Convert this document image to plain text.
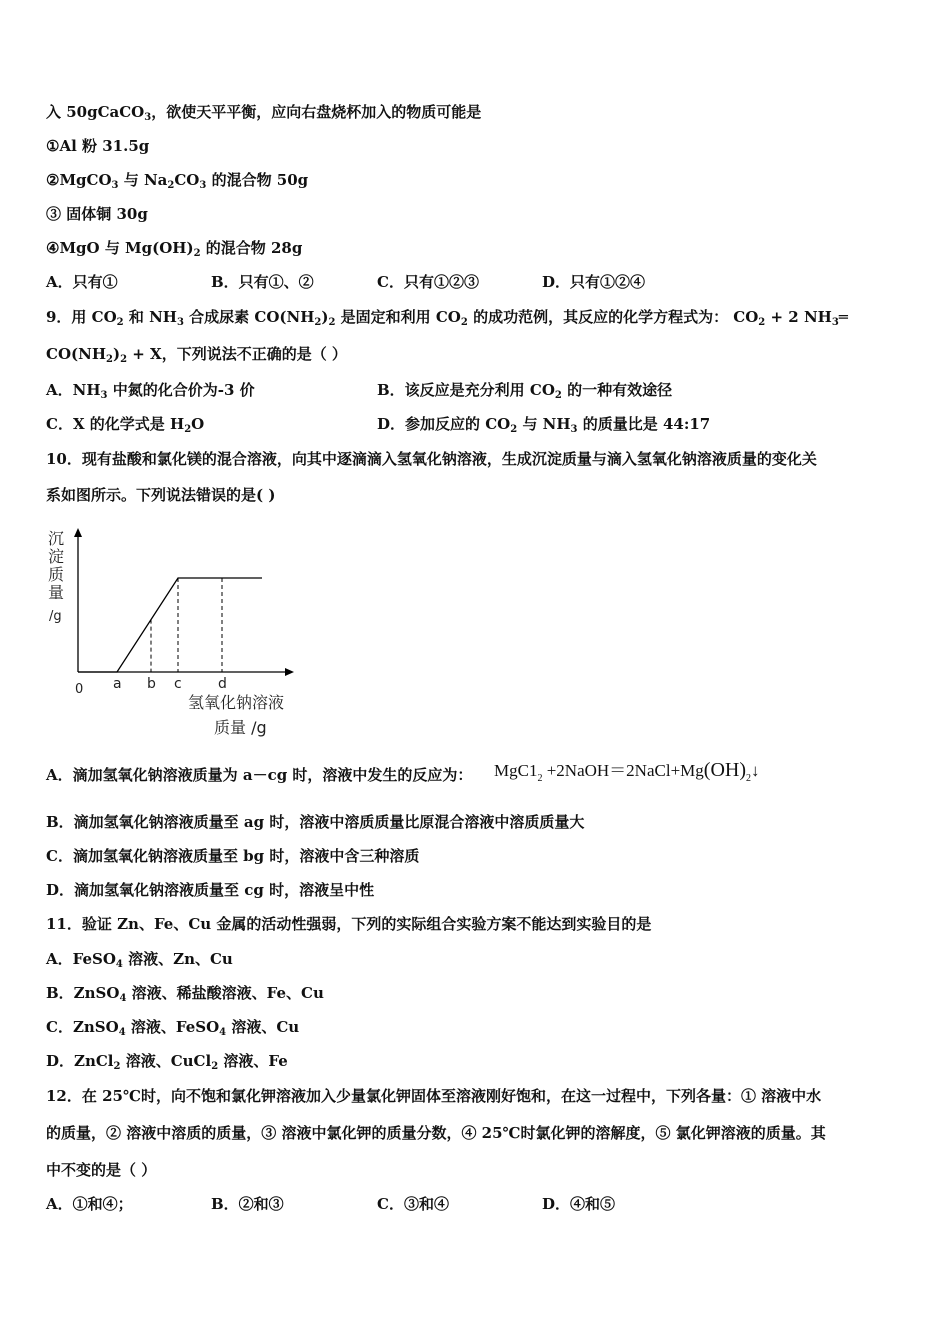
入 50gCaCO$_3$，欲使天平平衡，应向右盘烧杯加入的物质可能是
①Al 粉 31.5g
②MgCO$_3$ 与 $Na_2CO_3$ 的混合物 50g
③ 固体铜 30g
④MgO 与 $Mg(OH)_2$ 的混合物 28g
A．只有①	B．只有①、②	C．只有①②③	D．只有①②④
9．用 $CO_2$ 和 $NH_3$ 合成尿素 $CO(NH_2)_2$ 是固定和利用 $CO_2$ 的成功范例，其反应的化学方程式为： $CO_2 + 2$ $NH_3═$
$CO(NH_2)_2 + X$，下列说法不正确的是（ ）
A．$NH_3$ 中氮的化合价为-3 价	B．该反应是充分利用 $CO_2$ 的一种有效途径
C．X 的化学式是 $H_2O$	D．参加反应的 $CO_2$ 与 $NH_3$ 的质量比是 44:17
10．现有盐酸和氯化镁的混合溶液，向其中逐滴滴入氢氧化钠溶液，生成沉淀质量与滴入氢氧化钠溶液质量的变化关
系如图所示。下列说法错误的是( )
沉
淀
质
量
/g
a b c	d
0
氢氧化钠溶液
质量 /g
A．滴加氢氧化钠溶液质量为 a－cg 时，溶液中发生的反应为： $MgC1_2$ $+2NaOH=2NaCl+Mg(OH)_2↓$
B．滴加氢氧化钠溶液质量至 ag 时，溶液中溶质质量比原混合溶液中溶质质量大
C．滴加氢氧化钠溶液质量至 bg 时，溶液中含三种溶质
D．滴加氢氧化钠溶液质量至 cg 时，溶液呈中性
11．验证 Zn、Fe、Cu 金属的活动性强弱，下列的实际组合实验方案不能达到实验目的是
A．FeSO$_4$ 溶液、Zn、Cu
B．ZnSO$_4$ 溶液、稀盐酸溶液、Fe、Cu
C．ZnSO$_4$ 溶液、FeSO$_4$ 溶液、Cu
D．ZnCl$_2$ 溶液、CuCl$_2$ 溶液、Fe
12．在 25℃时，向不饱和氯化钾溶液加入少量氯化钾固体至溶液刚好饱和，在这一过程中，下列各量：① 溶液中水
的质量，② 溶液中溶质的质量，③ 溶液中氯化钾的质量分数，④ 25℃时氯化钾的溶解度，⑤ 氯化钾溶液的质量。其
中不变的是（ ）
A．①和④；	B．②和③	C．③和④	D．④和⑤
